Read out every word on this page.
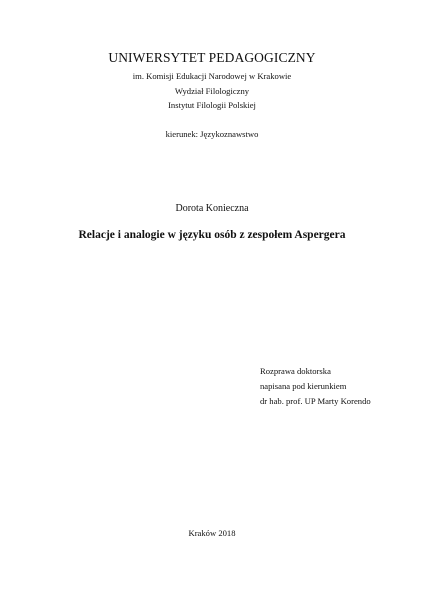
UNIWERSYTET PEDAGOGICZNY
im. Komisji Edukacji Narodowej w Krakowie
Wydział Filologiczny
Instytut Filologii Polskiej
kierunek: Językoznawstwo
Dorota Konieczna
Relacje i analogie w języku osób z zespołem Aspergera
Rozprawa doktorska
napisana pod kierunkiem
dr hab. prof. UP Marty Korendo
Kraków 2018
